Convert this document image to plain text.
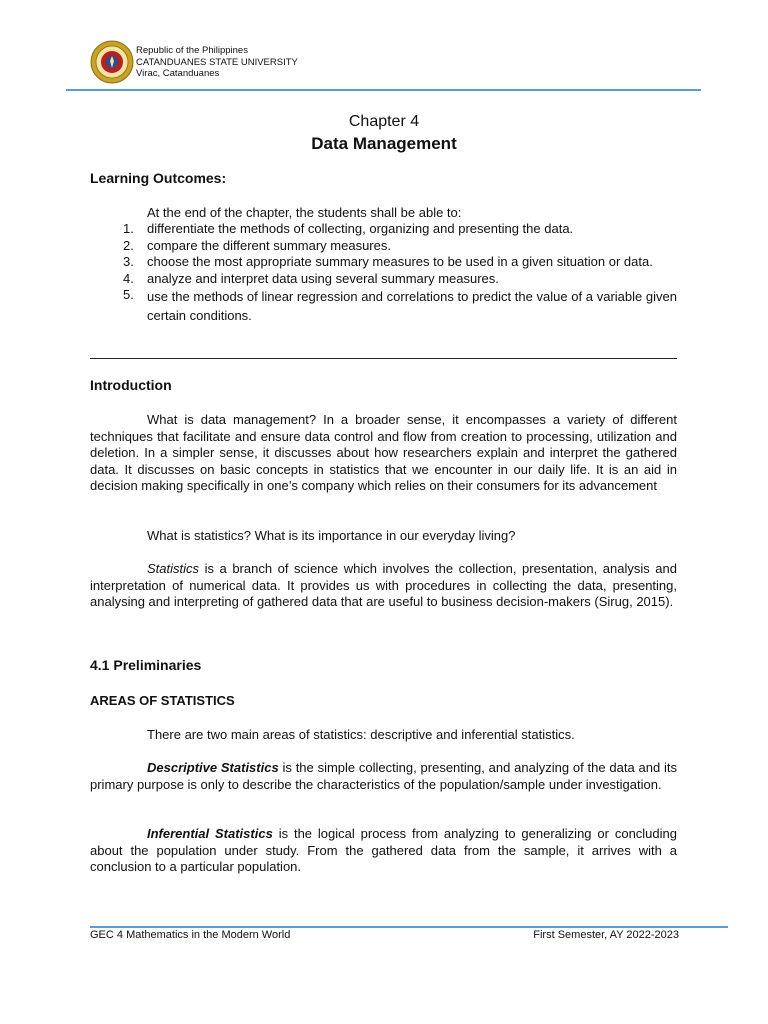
Republic of the Philippines
CATANDUANES STATE UNIVERSITY
Virac, Catanduanes
Chapter 4
Data Management
Learning Outcomes:
At the end of the chapter, the students shall be able to:
1.	differentiate the methods of collecting, organizing and presenting the data.
2.	compare the different summary measures.
3.	choose the most appropriate summary measures to be used in a given situation or data.
4.	analyze and interpret data using several summary measures.
5.	use the methods of linear regression and correlations to predict the value of a variable given certain conditions.
Introduction

What is data management? In a broader sense, it encompasses a variety of different techniques that facilitate and ensure data control and flow from creation to processing, utilization and deletion. In a simpler sense, it discusses about how researchers explain and interpret the gathered data. It discusses on basic concepts in statistics that we encounter in our daily life. It is an aid in decision making specifically in one’s company which relies on their consumers for its advancement

What is statistics? What is its importance in our everyday living?

Statistics is a branch of science which involves the collection, presentation, analysis and interpretation of numerical data. It provides us with procedures in collecting the data, presenting, analysing and interpreting of gathered data that are useful to business decision-makers (Sirug, 2015).

4.1 Preliminaries
AREAS OF STATISTICS

There are two main areas of statistics: descriptive and inferential statistics.

Descriptive Statistics is the simple collecting, presenting, and analyzing of the data and its primary purpose is only to describe the characteristics of the population/sample under investigation.

Inferential Statistics is the logical process from analyzing to generalizing or concluding about the population under study. From the gathered data from the sample, it arrives with a conclusion to a particular population.

GEC 4 Mathematics in the Modern World	First Semester, AY 2022-2023
